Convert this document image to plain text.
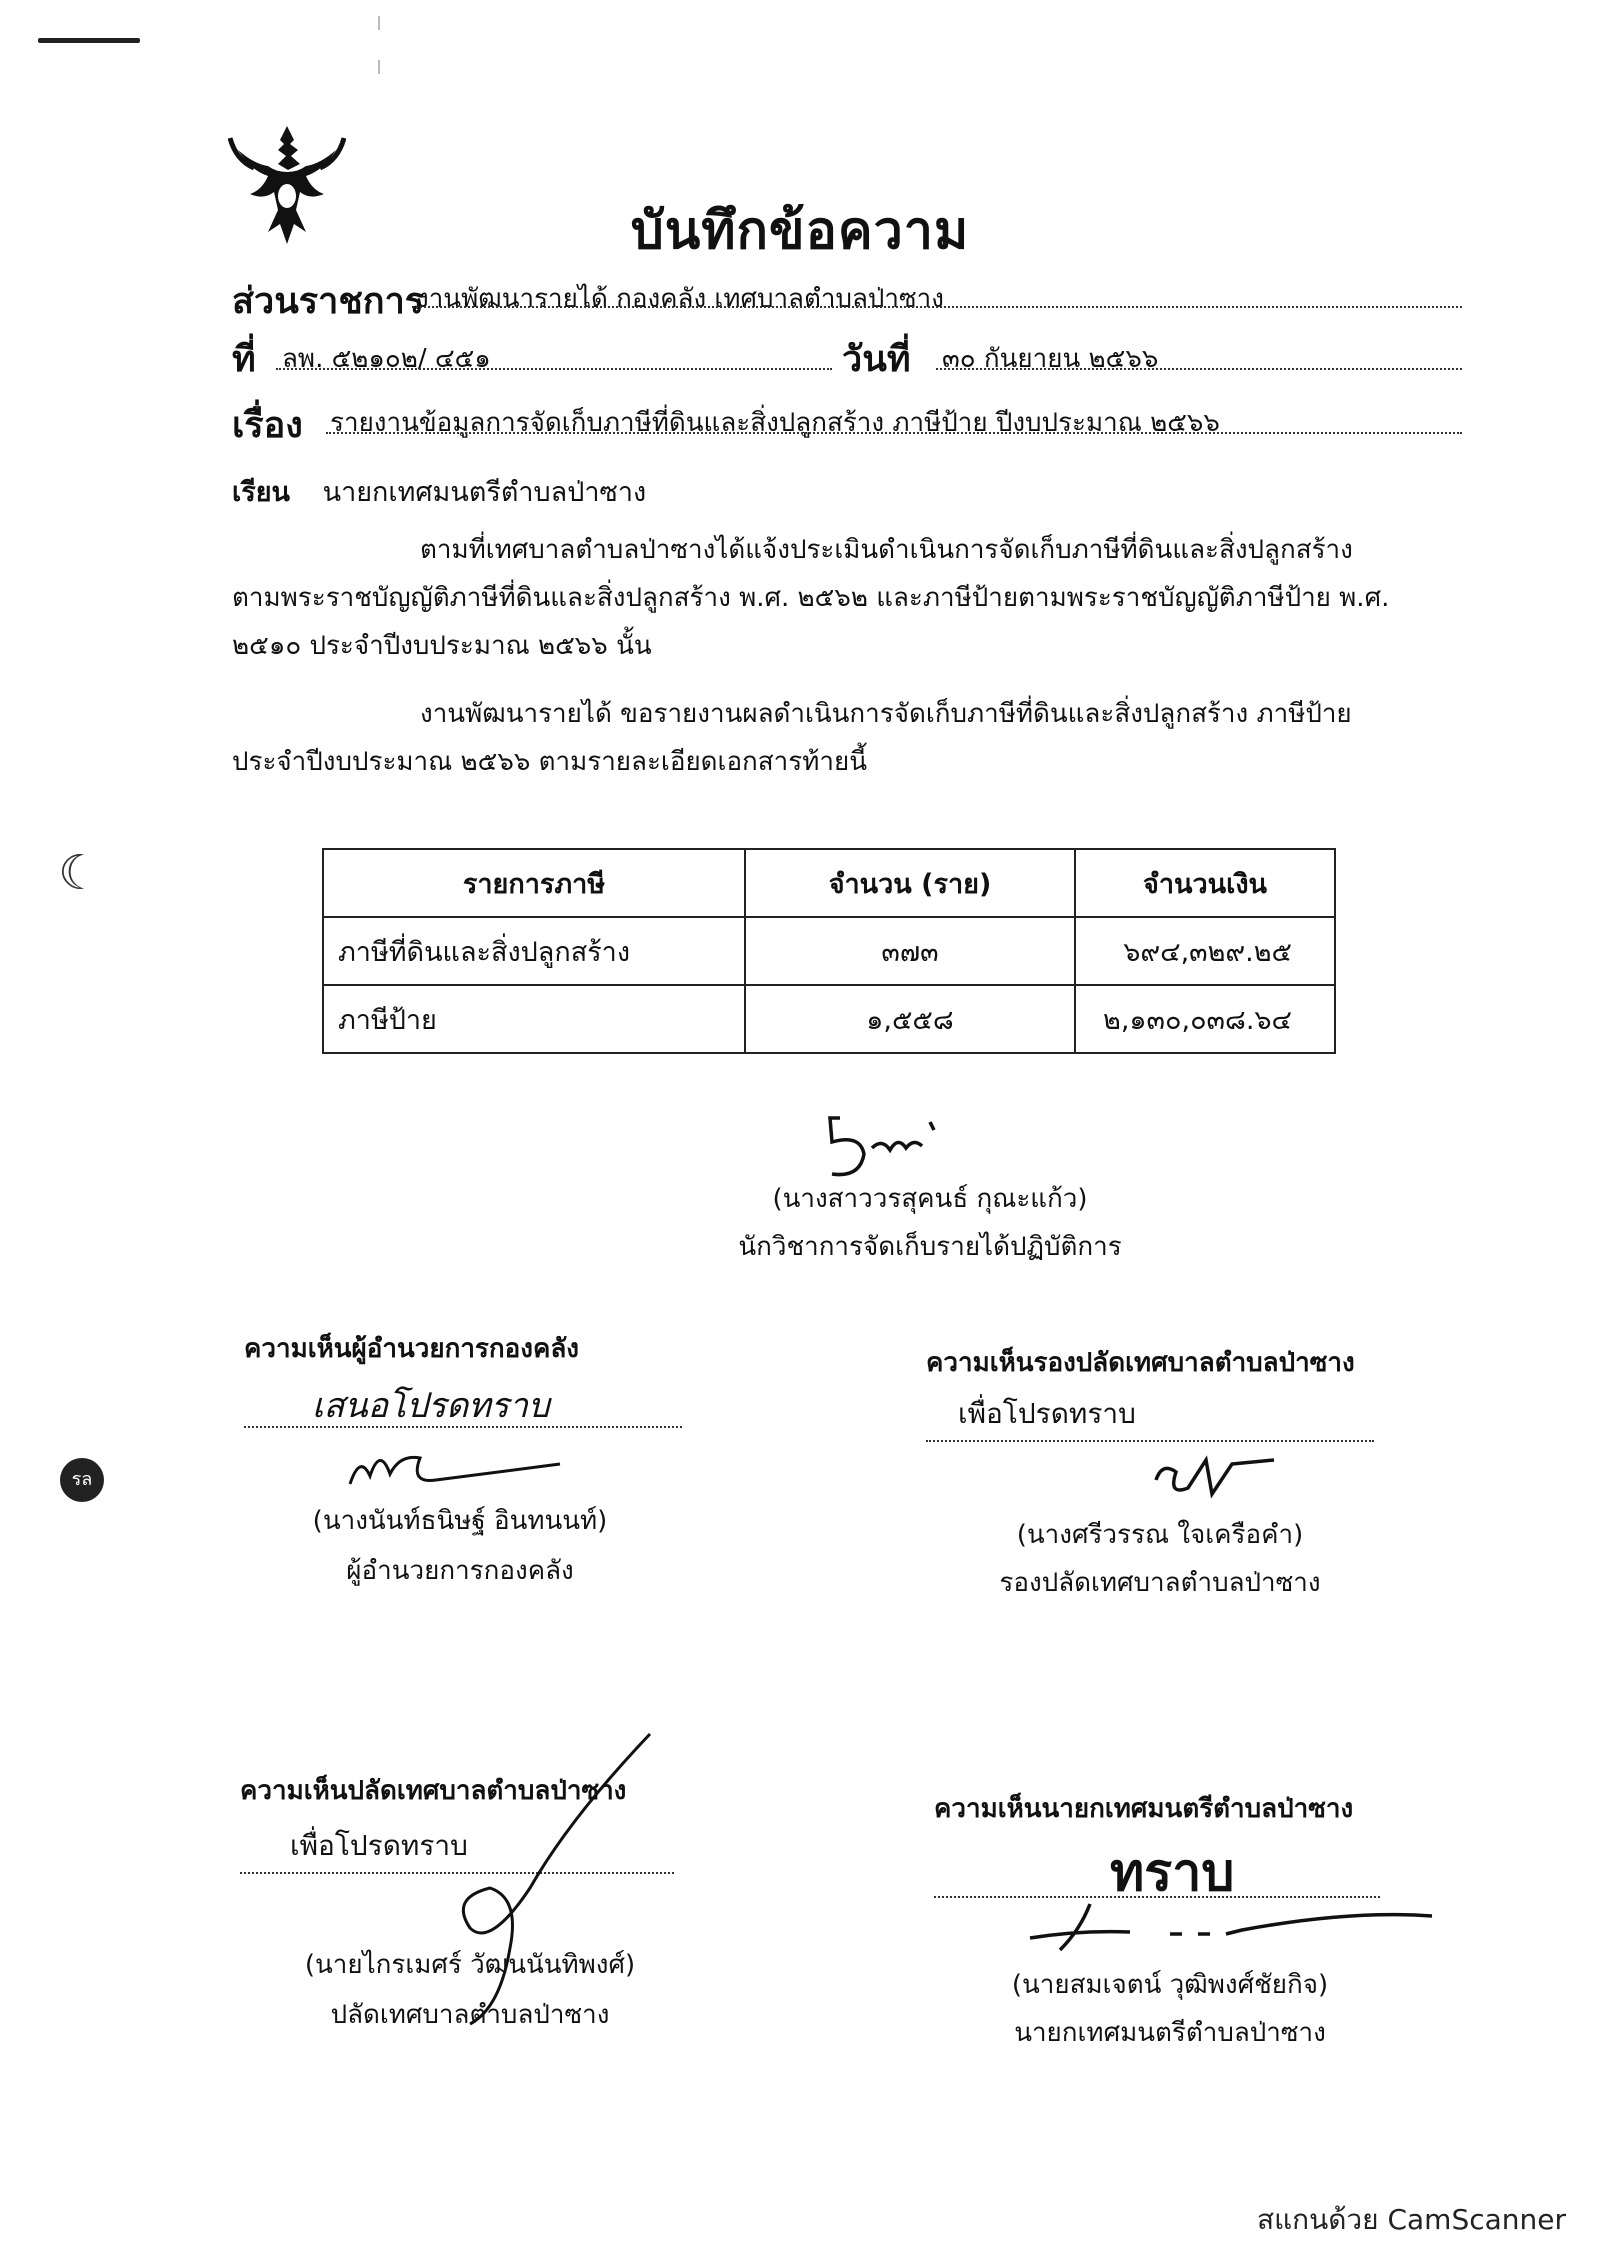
☾
รล
บันทึกข้อความ
ส่วนราชการ
งานพัฒนารายได้ กองคลัง เทศบาลตำบลป่าซาง
ที่ ลพ. ๕๒๑๐๒/ ๔๕๑	วันที่ ๓๐ กันยายน ๒๕๖๖
เรื่อง รายงานข้อมูลการจัดเก็บภาษีที่ดินและสิ่งปลูกสร้าง ภาษีป้าย ปีงบประมาณ ๒๕๖๖
เรียน นายกเทศมนตรีตำบลป่าซาง
ตามที่เทศบาลตำบลป่าซางได้แจ้งประเมินดำเนินการจัดเก็บภาษีที่ดินและสิ่งปลูกสร้าง
ตามพระราชบัญญัติภาษีที่ดินและสิ่งปลูกสร้าง พ.ศ. ๒๕๖๒ และภาษีป้ายตามพระราชบัญญัติภาษีป้าย พ.ศ.
๒๕๑๐ ประจำปีงบประมาณ ๒๕๖๖ นั้น
งานพัฒนารายได้ ขอรายงานผลดำเนินการจัดเก็บภาษีที่ดินและสิ่งปลูกสร้าง ภาษีป้าย
ประจำปีงบประมาณ ๒๕๖๖ ตามรายละเอียดเอกสารท้ายนี้
รายการภาษี	จำนวน (ราย)	จำนวนเงิน
ภาษีที่ดินและสิ่งปลูกสร้าง	๓๗๓	๖๙๔,๓๒๙.๒๕
ภาษีป้าย	๑,๕๕๘	๒,๑๓๐,๐๓๘.๖๔
(นางสาววรสุคนธ์ กุณะแก้ว)
นักวิชาการจัดเก็บรายได้ปฏิบัติการ
ความเห็นผู้อำนวยการกองคลัง
เสนอโปรดทราบ
(นางนันท์ธนิษฐ์ อินทนนท์)
ผู้อำนวยการกองคลัง
ความเห็นรองปลัดเทศบาลตำบลป่าซาง
เพื่อโปรดทราบ
(นางศรีวรรณ ใจเครือคำ)
รองปลัดเทศบาลตำบลป่าซาง
ความเห็นปลัดเทศบาลตำบลป่าซาง
เพื่อโปรดทราบ
(นายไกรเมศร์ วัฒนนันทิพงศ์)
ปลัดเทศบาลตำบลป่าซาง
ความเห็นนายกเทศมนตรีตำบลป่าซาง
ทราบ
(นายสมเจตน์ วุฒิพงศ์ชัยกิจ)
นายกเทศมนตรีตำบลป่าซาง
สแกนด้วย CamScanner
